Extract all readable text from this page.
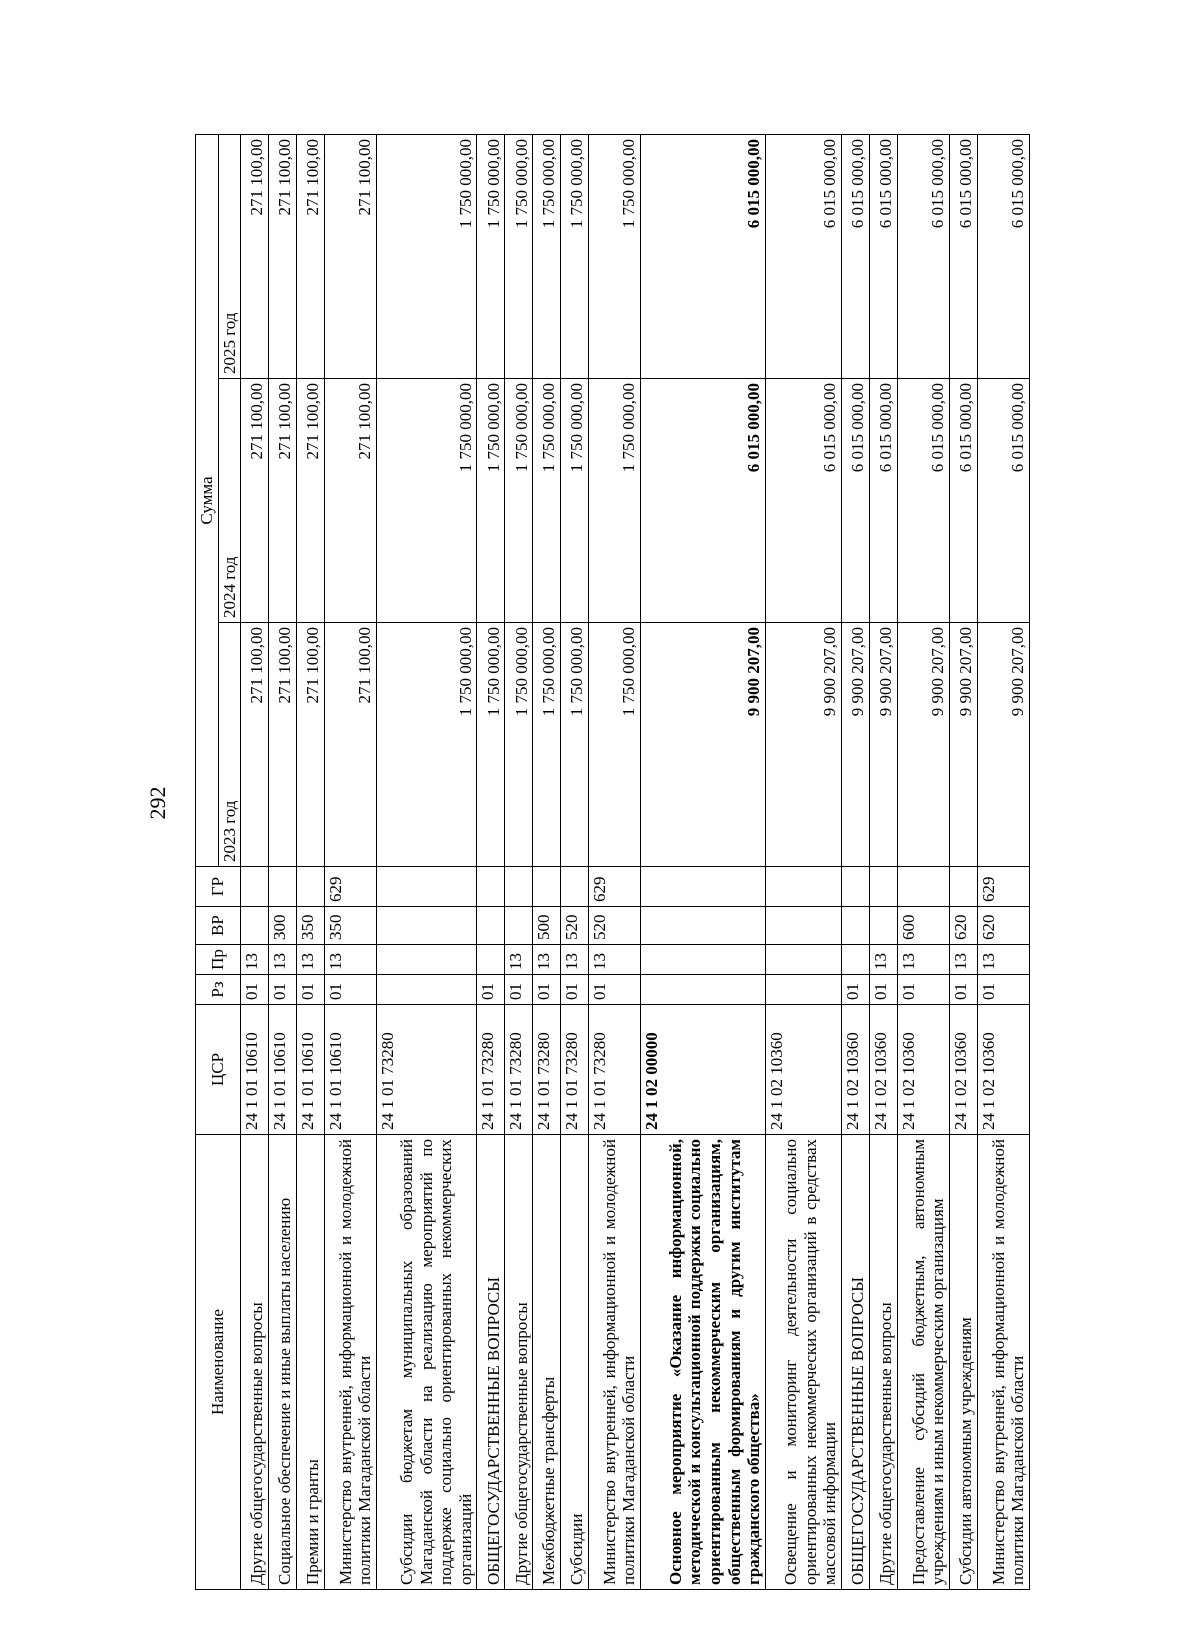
292
Наименование	ЦСР	Рз	Пр	ВР	ГР	Сумма		
						2023 год	2024 год	2025 год
Другие общегосударственные вопросы	24 1 01 10610	01	13			271 100,00	271 100,00	271 100,00
Социальное обеспечение и иные выплаты населению	24 1 01 10610	01	13	300		271 100,00	271 100,00	271 100,00
Премии и гранты	24 1 01 10610	01	13	350		271 100,00	271 100,00	271 100,00
Министерство внутренней, информационной и молодежной политики Магаданской области	24 1 01 10610	01	13	350	629	271 100,00	271 100,00	271 100,00
Субсидии бюджетам муниципальных образований Магаданской области на реализацию мероприятий по поддержке социально ориентированных некоммерческих организаций	24 1 01 73280					1 750 000,00	1 750 000,00	1 750 000,00
ОБЩЕГОСУДАРСТВЕННЫЕ ВОПРОСЫ	24 1 01 73280	01				1 750 000,00	1 750 000,00	1 750 000,00
Другие общегосударственные вопросы	24 1 01 73280	01	13			1 750 000,00	1 750 000,00	1 750 000,00
Межбюджетные трансферты	24 1 01 73280	01	13	500		1 750 000,00	1 750 000,00	1 750 000,00
Субсидии	24 1 01 73280	01	13	520		1 750 000,00	1 750 000,00	1 750 000,00
Министерство внутренней, информационной и молодежной политики Магаданской области	24 1 01 73280	01	13	520	629	1 750 000,00	1 750 000,00	1 750 000,00
Основное мероприятие «Оказание информационной, методической и консультационной поддержки социально ориентированным некоммерческим организациям, общественным формированиям и другим институтам гражданского общества»	24 1 02 00000					9 900 207,00	6 015 000,00	6 015 000,00
Освещение и мониторинг деятельности социально ориентированных некоммерческих организаций в средствах массовой информации	24 1 02 10360					9 900 207,00	6 015 000,00	6 015 000,00
ОБЩЕГОСУДАРСТВЕННЫЕ ВОПРОСЫ	24 1 02 10360	01				9 900 207,00	6 015 000,00	6 015 000,00
Другие общегосударственные вопросы	24 1 02 10360	01	13			9 900 207,00	6 015 000,00	6 015 000,00
Предоставление субсидий бюджетным, автономным учреждениям и иным некоммерческим организациям	24 1 02 10360	01	13	600		9 900 207,00	6 015 000,00	6 015 000,00
Субсидии автономным учреждениям	24 1 02 10360	01	13	620		9 900 207,00	6 015 000,00	6 015 000,00
Министерство внутренней, информационной и молодежной политики Магаданской области	24 1 02 10360	01	13	620	629	9 900 207,00	6 015 000,00	6 015 000,00
